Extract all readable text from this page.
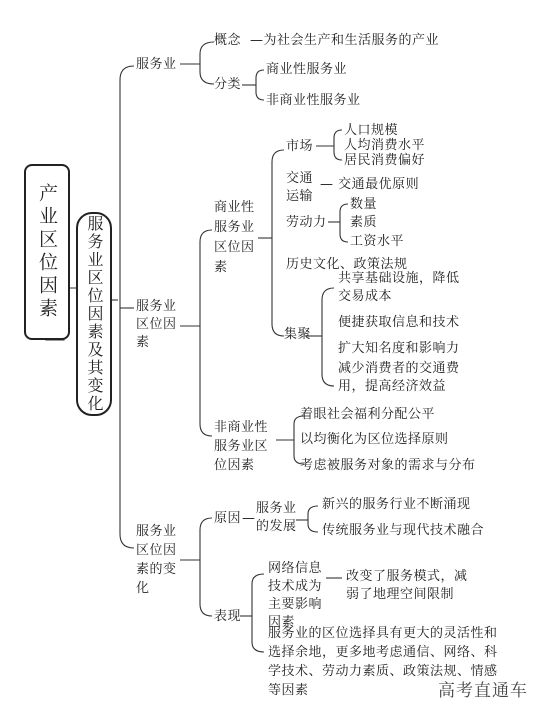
产业区位因素 服务业区位因素及其变化
服务业
概念 —为社会生产和生活服务的产业
分类
商业性服务业
非商业性服务业
服务业区位因素
商业性服务业区位因素
市场
人口规模
人均消费水平
居民消费偏好
交通运输
— 交通最优原则
劳动力
数量
素质
工资水平
历史文化、政策法规
集聚
共享基础设施，降低交易成本
便捷获取信息和技术
扩大知名度和影响力
减少消费者的交通费用，提高经济效益
非商业性服务业区位因素
着眼社会福利分配公平
以均衡化为区位选择原则
考虑被服务对象的需求与分布
服务业区位因素的变化
原因 —
服务业的发展
新兴的服务行业不断涌现
传统服务业与现代技术融合
表现
网络信息技术成为主要影响因素
改变了服务模式，减弱了地理空间限制
服务业的区位选择具有更大的灵活性和选择余地，更多地考虑通信、网络、科学技术、劳动力素质、政策法规、情感等因素	高考直通车
